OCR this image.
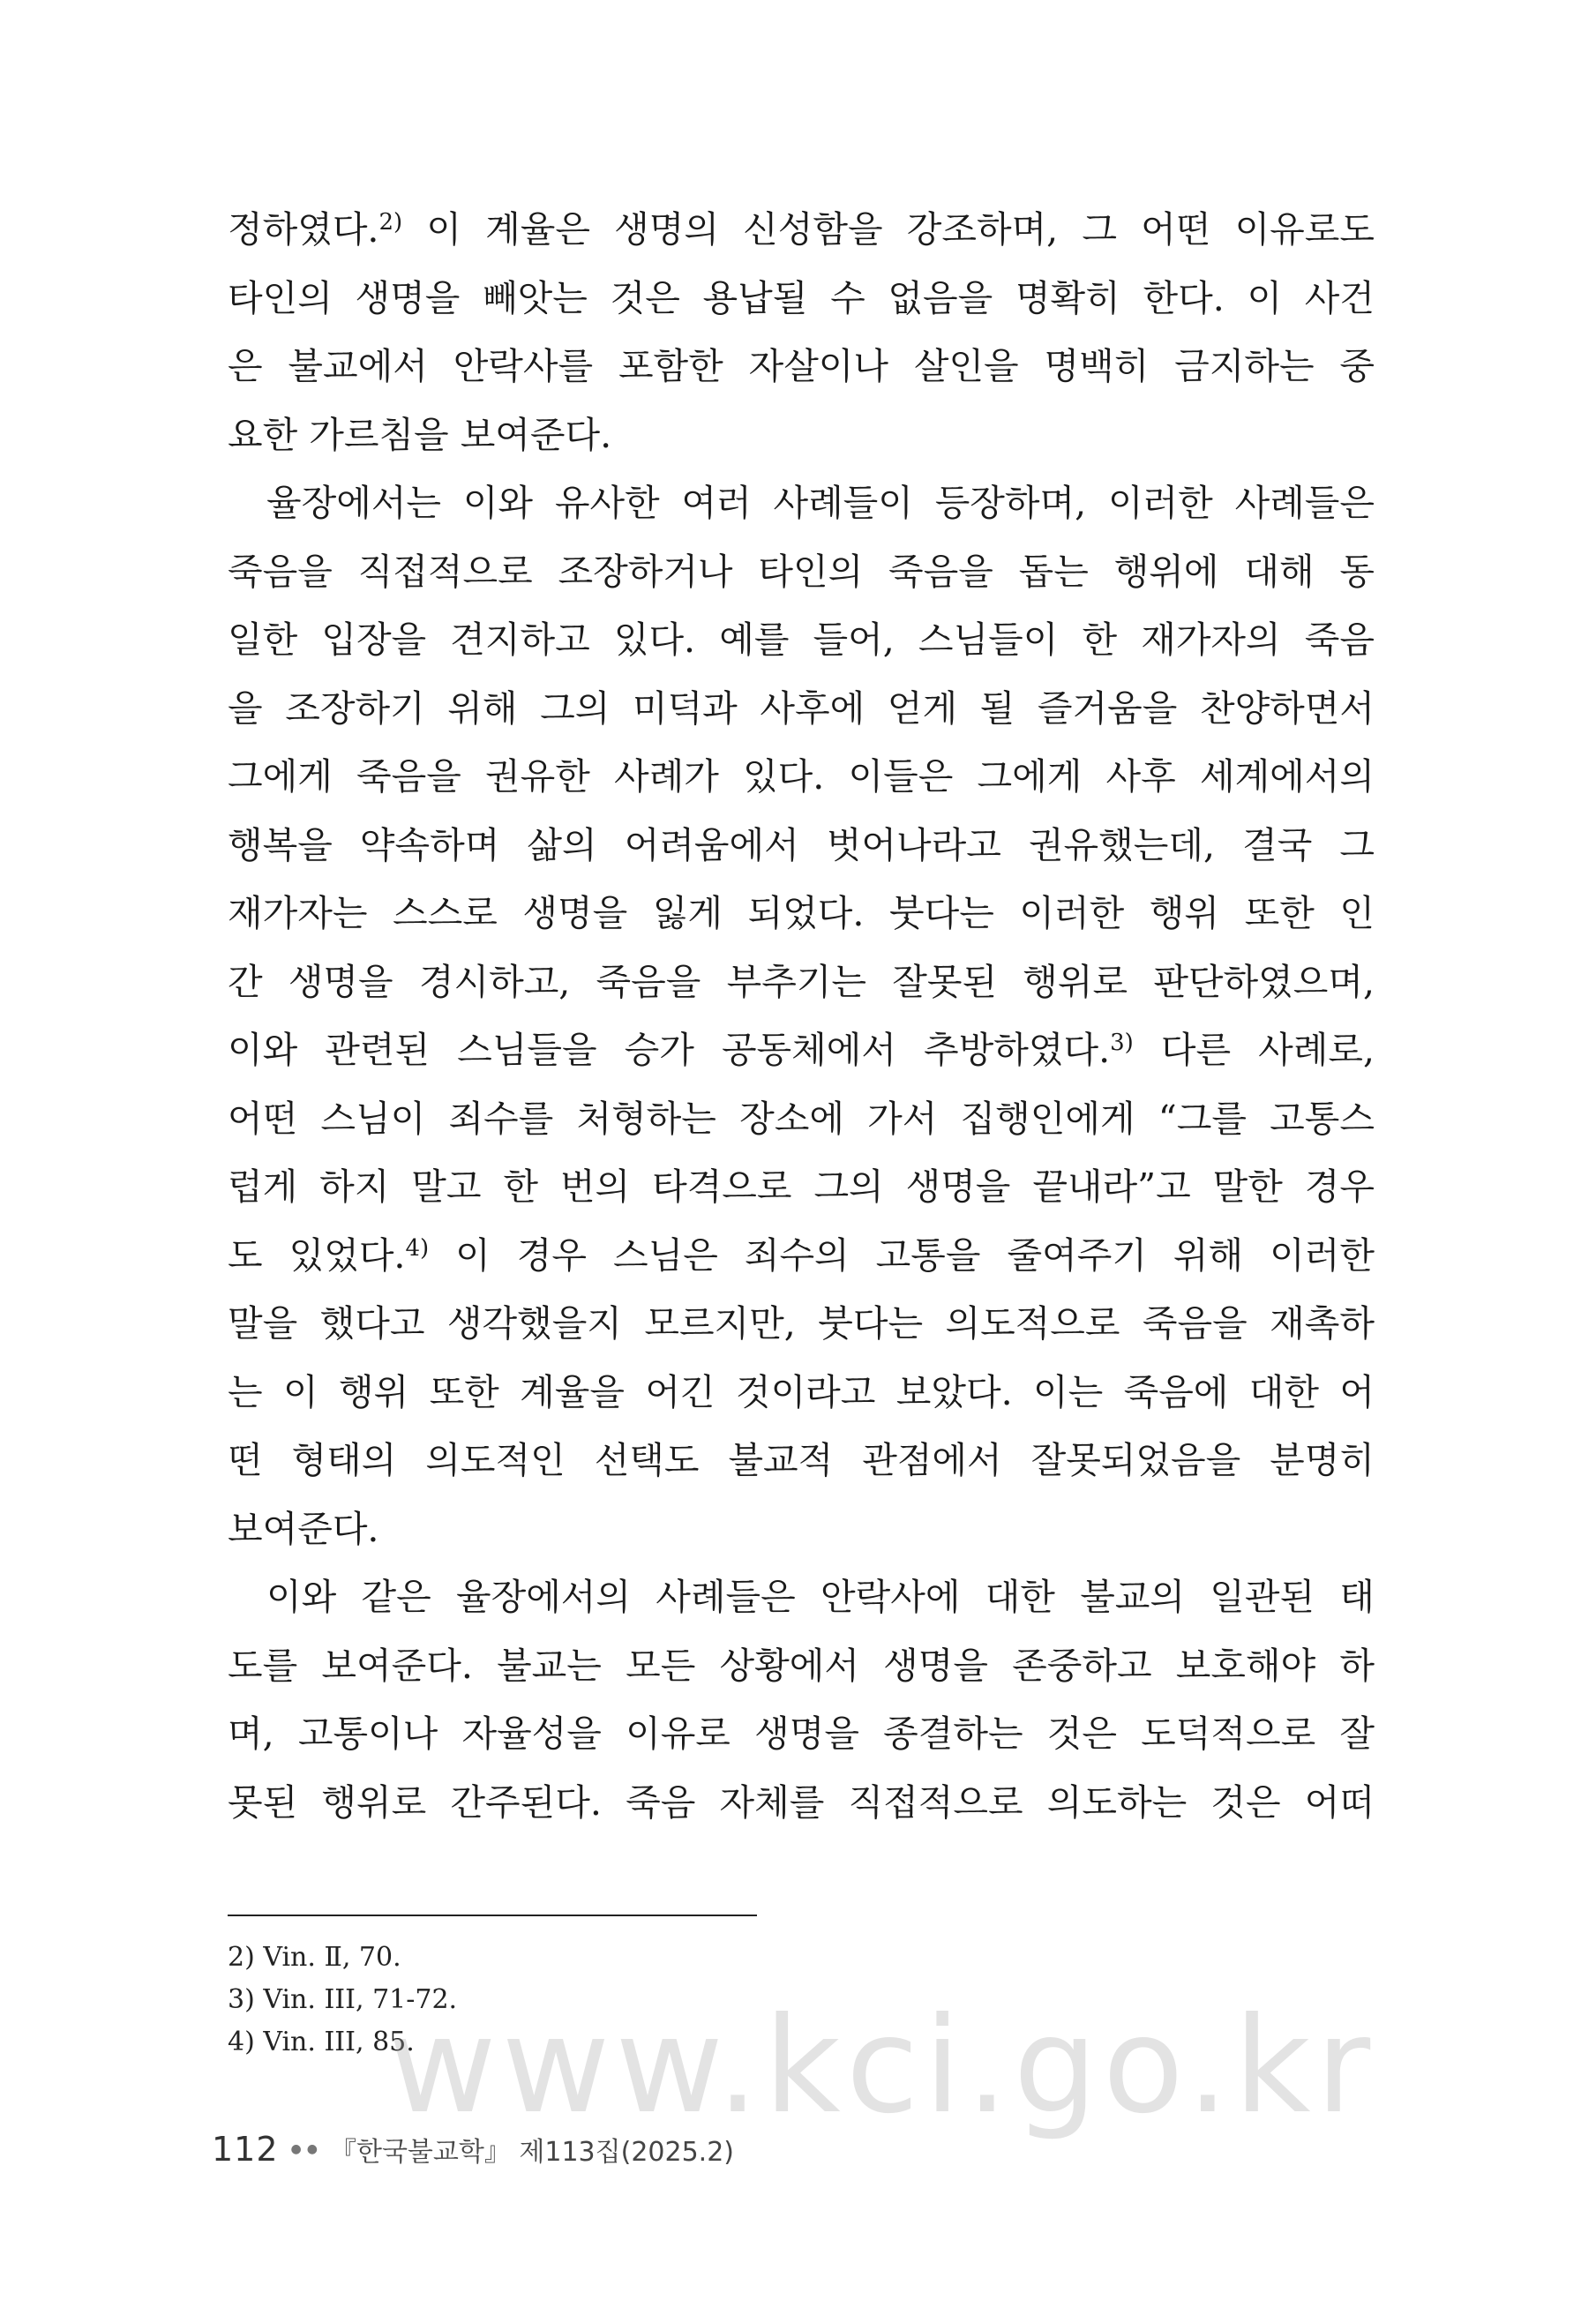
정하였다.$^{2)}$ 이 계율은 생명의 신성함을 강조하며, 그 어떤 이유로도
타인의 생명을 빼앗는 것은 용납될 수 없음을 명확히 한다. 이 사건
은 불교에서 안락사를 포함한 자살이나 살인을 명백히 금지하는 중
요한 가르침을 보여준다.
율장에서는 이와 유사한 여러 사례들이 등장하며, 이러한 사례들은
죽음을 직접적으로 조장하거나 타인의 죽음을 돕는 행위에 대해 동
일한 입장을 견지하고 있다. 예를 들어, 스님들이 한 재가자의 죽음
을 조장하기 위해 그의 미덕과 사후에 얻게 될 즐거움을 찬양하면서
그에게 죽음을 권유한 사례가 있다. 이들은 그에게 사후 세계에서의
행복을 약속하며 삶의 어려움에서 벗어나라고 권유했는데, 결국 그
재가자는 스스로 생명을 잃게 되었다. 붓다는 이러한 행위 또한 인
간 생명을 경시하고, 죽음을 부추기는 잘못된 행위로 판단하였으며,
이와 관련된 스님들을 승가 공동체에서 추방하였다.$^{3)}$ 다른 사례로,
어떤 스님이 죄수를 처형하는 장소에 가서 집행인에게 “그를 고통스
럽게 하지 말고 한 번의 타격으로 그의 생명을 끝내라”고 말한 경우
도 있었다.$^{4)}$ 이 경우 스님은 죄수의 고통을 줄여주기 위해 이러한
말을 했다고 생각했을지 모르지만, 붓다는 의도적으로 죽음을 재촉하
는 이 행위 또한 계율을 어긴 것이라고 보았다. 이는 죽음에 대한 어
떤 형태의 의도적인 선택도 불교적 관점에서 잘못되었음을 분명히
보여준다.
이와 같은 율장에서의 사례들은 안락사에 대한 불교의 일관된 태
도를 보여준다. 불교는 모든 상황에서 생명을 존중하고 보호해야 하
며, 고통이나 자율성을 이유로 생명을 종결하는 것은 도덕적으로 잘
못된 행위로 간주된다. 죽음 자체를 직접적으로 의도하는 것은 어떠
2) Vin. Ⅱ, 70.
3) Vin. III, 71-72.
4) Vin. III, 85.
www.kci.go.kr
112 ● ● 『한국불교학』 제113집(2025.2)
